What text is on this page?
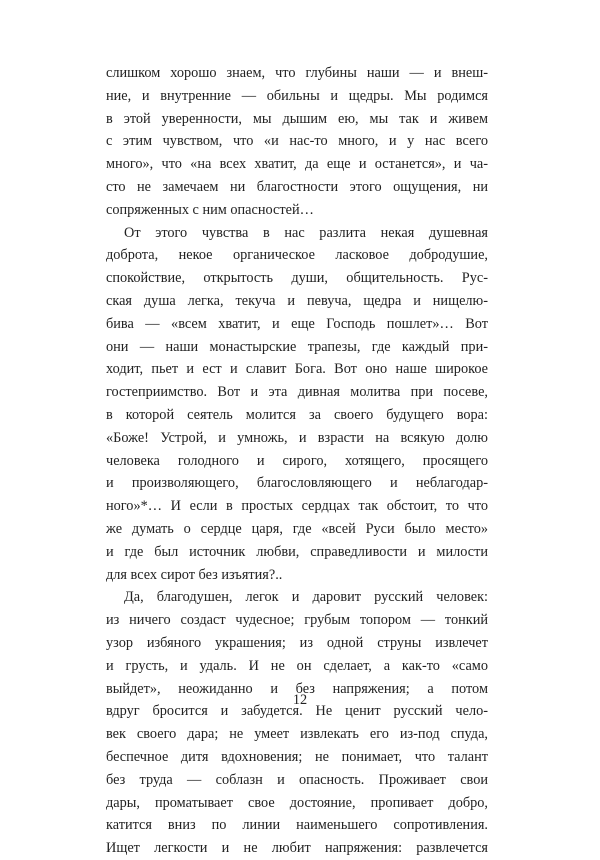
слишком хорошо знаем, что глубины наши — и внеш-
ние, и внутренние — обильны и щедры. Мы родимся
в этой уверенности, мы дышим ею, мы так и живем
с этим чувством, что «и нас-то много, и у нас всего
много», что «на всех хватит, да еще и останется», и ча-
сто не замечаем ни благостности этого ощущения, ни
сопряженных с ним опасностей…
От этого чувства в нас разлита некая душевная
доброта, некое органическое ласковое добродушие,
спокойствие, открытость души, общительность. Рус-
ская душа легка, текуча и певуча, щедра и нищелю-
бива — «всем хватит, и еще Господь пошлет»… Вот
они — наши монастырские трапезы, где каждый при-
ходит, пьет и ест и славит Бога. Вот оно наше широкое
гостеприимство. Вот и эта дивная молитва при посеве,
в которой сеятель молится за своего будущего вора:
«Боже! Устрой, и умножь, и взрасти на всякую долю
человека голодного и сирого, хотящего, просящего
и произволяющего, благословляющего и неблагодар-
ного»*… И если в простых сердцах так обстоит, то что
же думать о сердце царя, где «всей Руси было место»
и где был источник любви, справедливости и милости
для всех сирот без изъятия?..
Да, благодушен, легок и даровит русский человек:
из ничего создаст чудесное; грубым топором — тонкий
узор избяного украшения; из одной струны извлечет
и грусть, и удаль. И не он сделает, а как-то «само
выйдет», неожиданно и без напряжения; а потом
вдруг бросится и забудется. Не ценит русский чело-
век своего дара; не умеет извлекать его из-под спуда,
беспечное дитя вдохновения; не понимает, что талант
без труда — соблазн и опасность. Проживает свои
дары, проматывает свое достояние, пропивает добро,
катится вниз по линии наименьшего сопротивления.
Ищет легкости и не любит напряжения: развлечется
12
